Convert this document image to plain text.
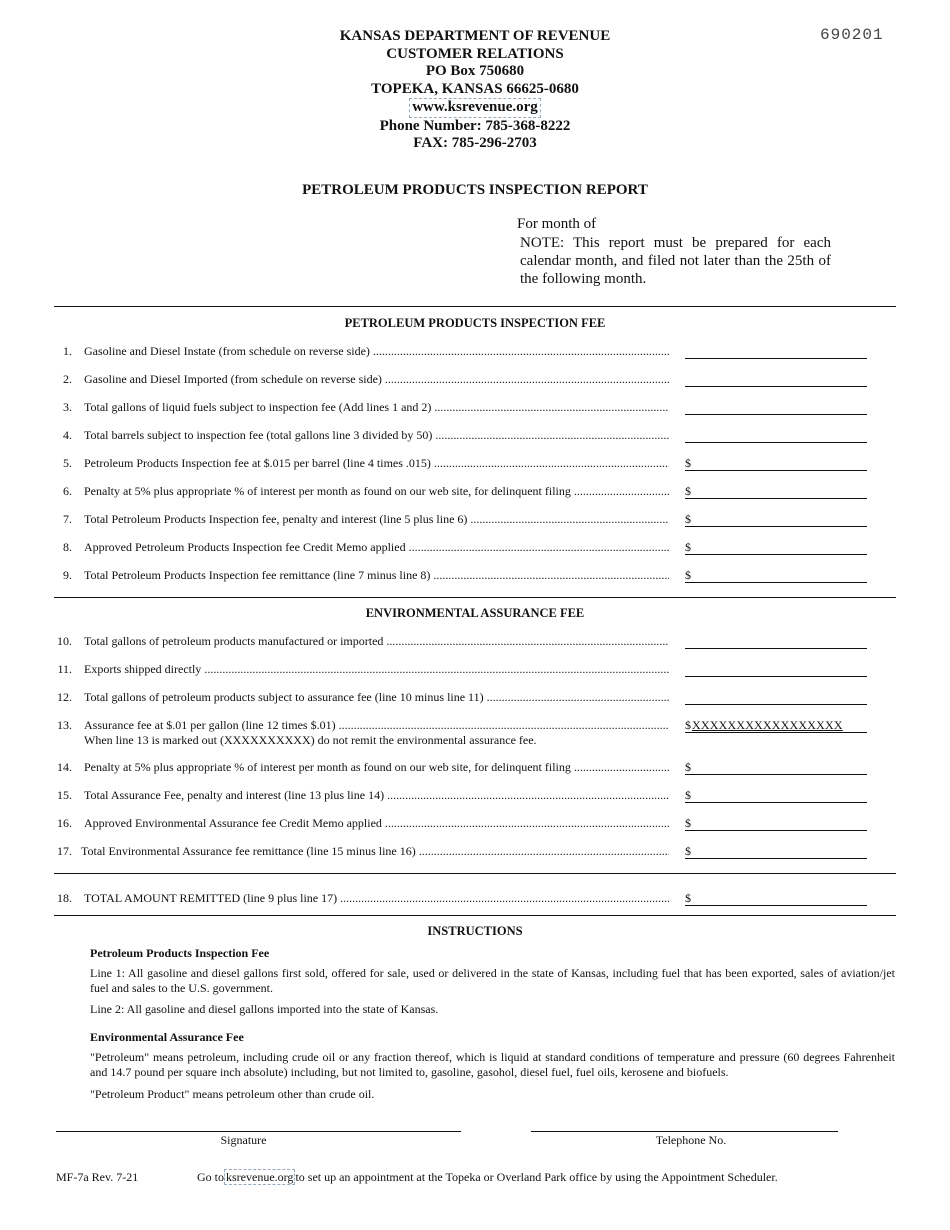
690201
KANSAS DEPARTMENT OF REVENUE
CUSTOMER RELATIONS
PO Box 750680
TOPEKA, KANSAS 66625-0680
www.ksrevenue.org
Phone Number: 785-368-8222
FAX: 785-296-2703
PETROLEUM PRODUCTS INSPECTION REPORT
For month of
NOTE: This report must be prepared for each calendar month, and filed not later than the 25th of the following month.
PETROLEUM PRODUCTS INSPECTION FEE
1. Gasoline and Diesel Instate (from schedule on reverse side) .....
2. Gasoline and Diesel Imported (from schedule on reverse side) .....
3. Total gallons of liquid fuels subject to inspection fee (Add lines 1 and 2) .....
4. Total barrels subject to inspection fee (total gallons line 3 divided by 50) .....
5. Petroleum Products Inspection fee at $.015 per barrel (line 4 times .015) .....	$
6. Penalty at 5% plus appropriate % of interest per month as found on our web site, for delinquent filing .....	$
7. Total Petroleum Products Inspection fee, penalty and interest (line 5 plus line 6) .....	$
8. Approved Petroleum Products Inspection fee Credit Memo applied .....	$
9. Total Petroleum Products Inspection fee remittance (line 7 minus line 8) .....	$
ENVIRONMENTAL ASSURANCE FEE
10. Total gallons of petroleum products manufactured or imported .....
11. Exports shipped directly .....
12. Total gallons of petroleum products subject to assurance fee (line 10 minus line 11) .....
13. Assurance fee at $.01 per gallon (line 12 times $.01) .....	$ XXXXXXXXXXXXXXXXX
When line 13 is marked out (XXXXXXXXXX) do not remit the environmental assurance fee.
14. Penalty at 5% plus appropriate % of interest per month as found on our web site, for delinquent filing .....	$
15. Total Assurance Fee, penalty and interest (line 13 plus line 14) .....	$
16. Approved Environmental Assurance fee Credit Memo applied .....	$
17. Total Environmental Assurance fee remittance (line 15 minus line 16) .....	$
18. TOTAL AMOUNT REMITTED (line 9 plus line 17) .....	$
INSTRUCTIONS
Petroleum Products Inspection Fee
Line 1: All gasoline and diesel gallons first sold, offered for sale, used or delivered in the state of Kansas, including fuel that has been exported, sales of aviation/jet fuel and sales to the U.S. government.
Line 2: All gasoline and diesel gallons imported into the state of Kansas.
Environmental Assurance Fee
"Petroleum" means petroleum, including crude oil or any fraction thereof, which is liquid at standard conditions of temperature and pressure (60 degrees Fahrenheit and 14.7 pound per square inch absolute) including, but not limited to, gasoline, gasohol, diesel fuel, fuel oils, kerosene and biofuels.
"Petroleum Product" means petroleum other than crude oil.
Signature	Telephone No.
MF-7a Rev. 7-21	Go to ksrevenue.org to set up an appointment at the Topeka or Overland Park office by using the Appointment Scheduler.
